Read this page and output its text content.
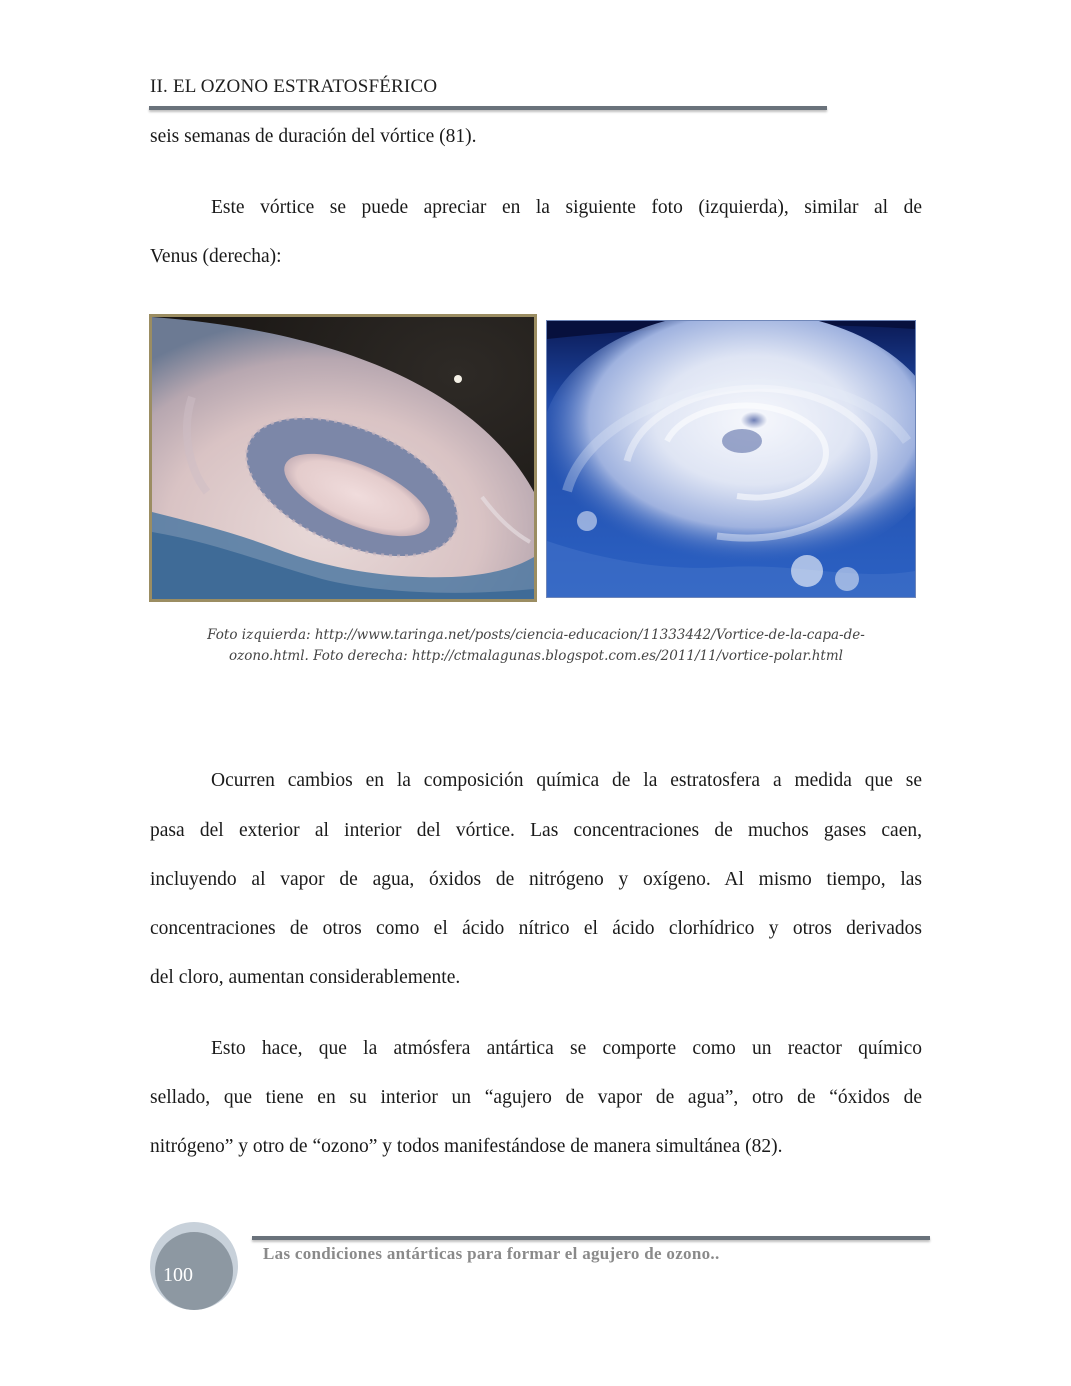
II. EL OZONO ESTRATOSFÉRICO
seis semanas de duración del vórtice (81).
Este vórtice se puede apreciar en la siguiente foto (izquierda), similar al de
Venus (derecha):
Foto izquierda: http://www.taringa.net/posts/ciencia-educacion/11333442/Vortice-de-la-capa-de-
ozono.html. Foto derecha: http://ctmalagunas.blogspot.com.es/2011/11/vortice-polar.html
Ocurren cambios en la composición química de la estratosfera a medida que se
pasa del exterior al interior del vórtice. Las concentraciones de muchos gases caen,
incluyendo al vapor de agua, óxidos de nitrógeno y oxígeno. Al mismo tiempo, las
concentraciones de otros como el ácido nítrico el ácido clorhídrico y otros derivados
del cloro, aumentan considerablemente.
Esto hace, que la atmósfera antártica se comporte como un reactor químico
sellado, que tiene en su interior un “agujero de vapor de agua”, otro de “óxidos de
nitrógeno” y otro de “ozono” y todos manifestándose de manera simultánea (82).
100
Las condiciones antárticas para formar el agujero de ozono..
